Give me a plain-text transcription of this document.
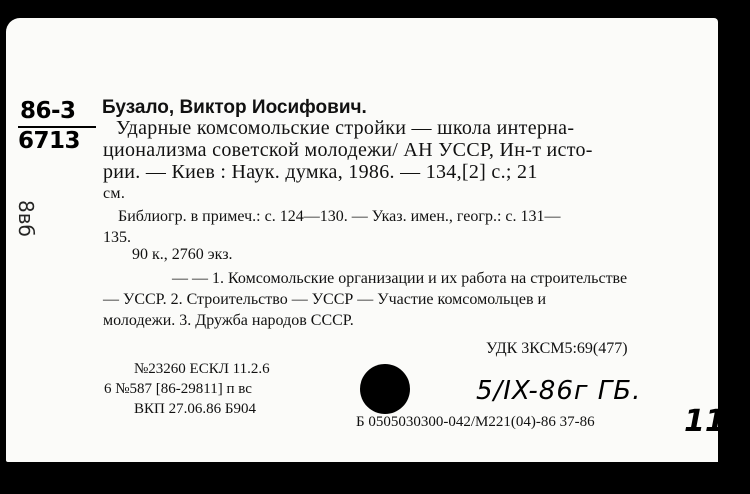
86-3
6713
8вб
Бузало, Виктор Иосифович.
Ударные комсомольские стройки — школа интерна-
ционализма советской молодежи/ АН УССР, Ин-т исто-
рии. — Киев : Наук. думка, 1986. — 134,[2] с.; 21
см.
Библиогр. в примеч.: с. 124—130. — Указ. имен., геогр.: с. 131—
135.
90 к., 2760 экз.
— — 1. Комсомольские организации и их работа на строительстве
— УССР. 2. Строительство — УССР — Участие комсомольцев и
молодежи. 3. Дружба народов СССР.
УДК 3КСМ5:69(477)
№23260 ЕСКЛ 11.2.6
6 №587 [86-29811] п вс
ВКП 27.06.86 Б904
5/IX-86г ГБ.
Б 0505030300-042/М221(04)-86 37-86	113
